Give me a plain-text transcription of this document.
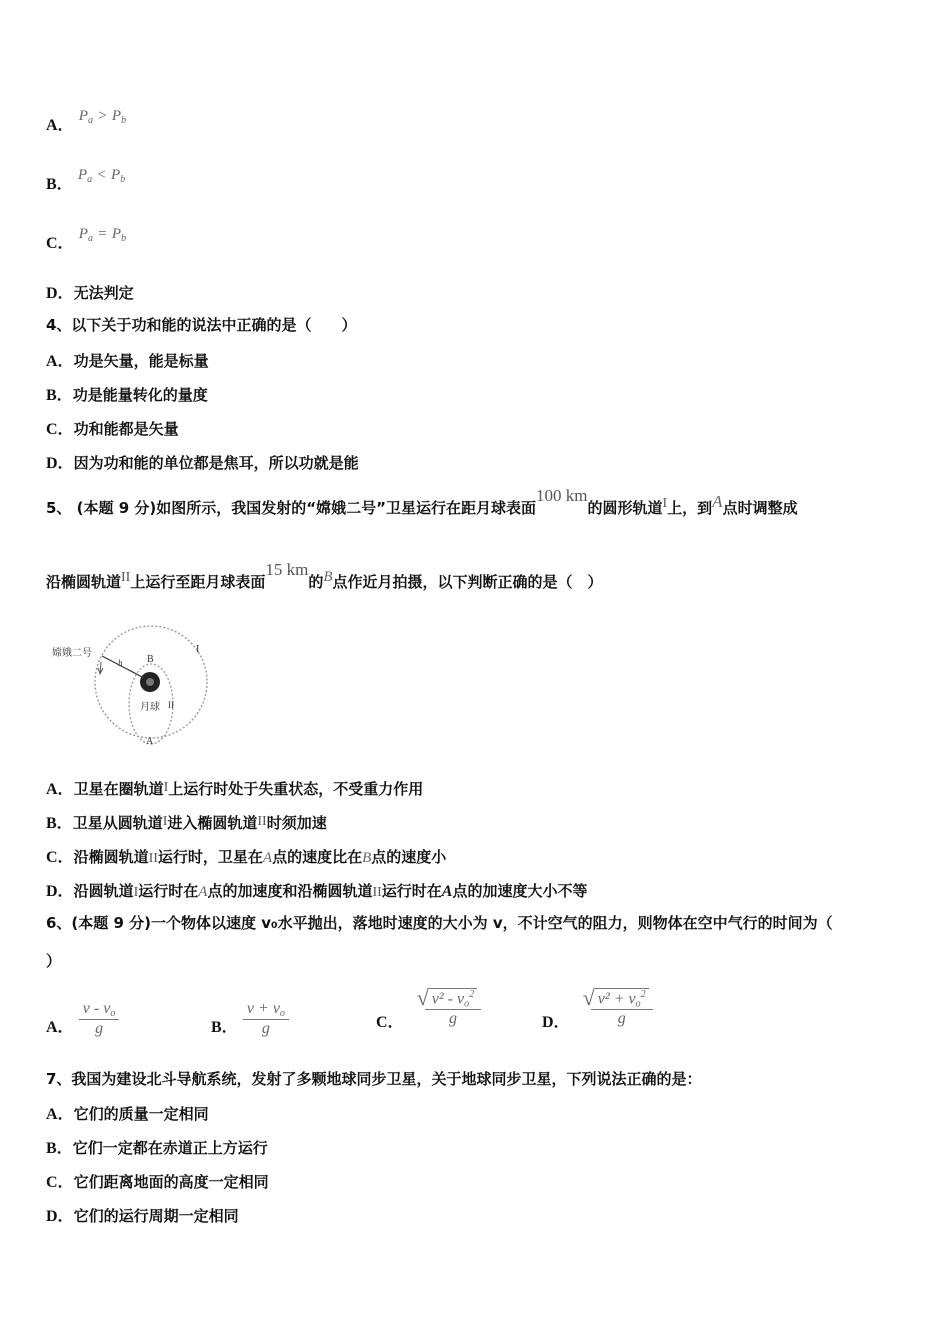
A． $P_a > P_b$
B． $P_a < P_b$
C． $P_a = P_b$
D．无法判定
4、以下关于功和能的说法中正确的是（　　）
A．功是矢量，能是标量
B．功是能量转化的量度
C．功和能都是矢量
D．因为功和能的单位都是焦耳，所以功就是能
5、 (本题 9 分)如图所示，我国发射的“嫦娥二号”卫星运行在距月球表面100 km的圆形轨道I上，到A点时调整成
沿椭圆轨道II上运行至距月球表面15 km的B点作近月拍摄，以下判断正确的是（　）
嫦娥二号
h B
月球
I
II
A
A．卫星在圈轨道I上运行时处于失重状态，不受重力作用
B．卫星从圆轨道I进入椭圆轨道II时须加速
C．沿椭圆轨道II运行时，卫星在A点的速度比在B点的速度小
D．沿圆轨道I运行时在A点的加速度和沿椭圆轨道II运行时在A点的加速度大小不等
6、(本题 9 分)一个物体以速度 v₀水平抛出，落地时速度的大小为 v，不计空气的阻力，则物体在空中气行的时间为（
）
A． $\frac{v - v_o}{g}$	B． $\frac{v + v_o}{g}$	C． √ $\frac{v^2 - v_o^2}{g}$	D． √ $\frac{v^2 + v_o^2}{g}$
7、我国为建设北斗导航系统，发射了多颗地球同步卫星，关于地球同步卫星，下列说法正确的是：
A．它们的质量一定相同
B．它们一定都在赤道正上方运行
C．它们距离地面的高度一定相同
D．它们的运行周期一定相同
